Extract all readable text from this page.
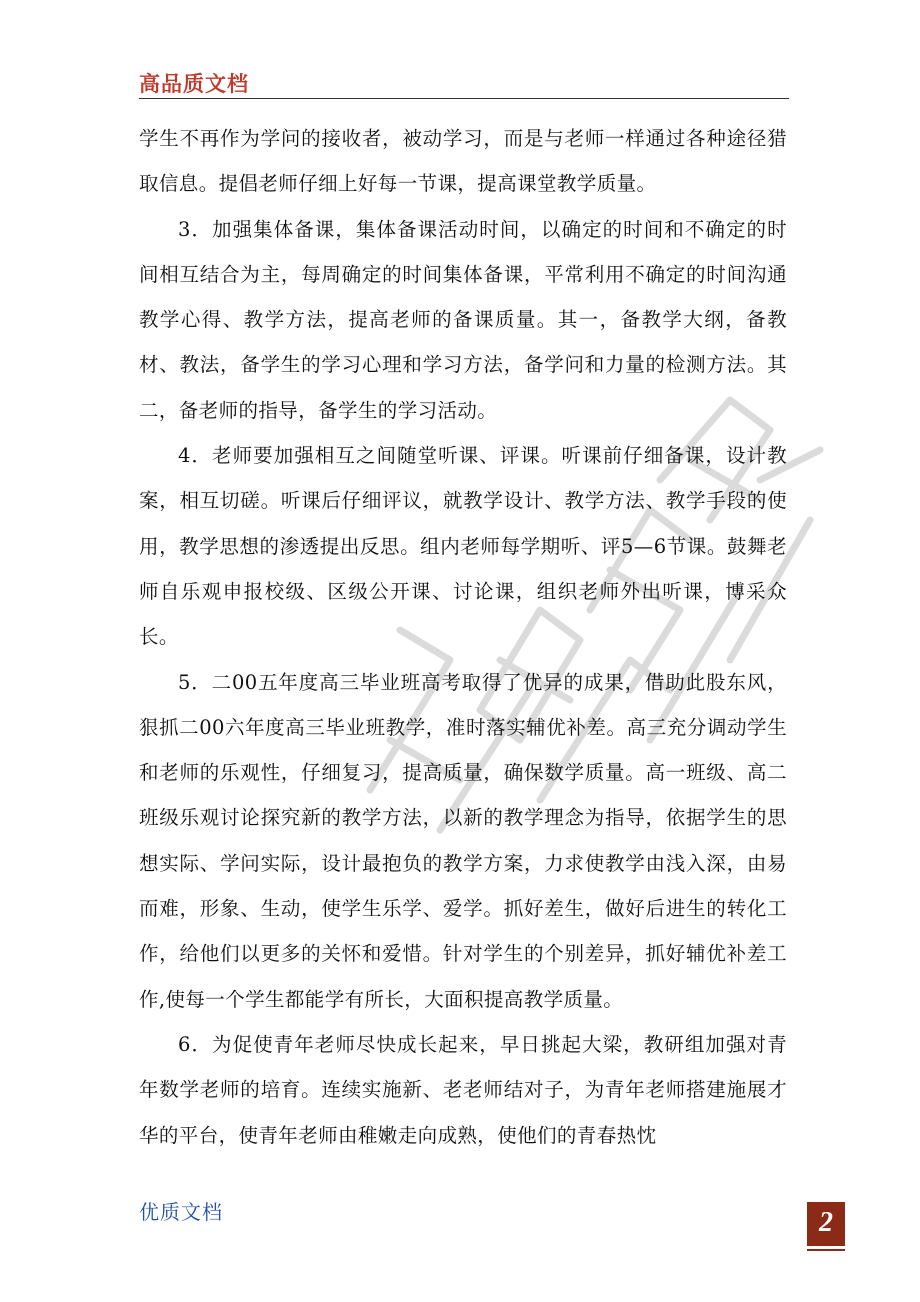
高品质文档

学生不再作为学问的接收者，被动学习，而是与老师一样通过各种途径猎取信息。提倡老师仔细上好每一节课，提高课堂教学质量。

3．加强集体备课，集体备课活动时间，以确定的时间和不确定的时间相互结合为主，每周确定的时间集体备课，平常利用不确定的时间沟通教学心得、教学方法，提高老师的备课质量。其一，备教学大纲，备教材、教法，备学生的学习心理和学习方法，备学问和力量的检测方法。其二，备老师的指导，备学生的学习活动。

4．老师要加强相互之间随堂听课、评课。听课前仔细备课，设计教案，相互切磋。听课后仔细评议，就教学设计、教学方法、教学手段的使用，教学思想的渗透提出反思。组内老师每学期听、评5—6节课。鼓舞老师自乐观申报校级、区级公开课、讨论课，组织老师外出听课，博采众长。

5．二00五年度高三毕业班高考取得了优异的成果，借助此股东风，狠抓二00六年度高三毕业班教学，准时落实辅优补差。高三充分调动学生和老师的乐观性，仔细复习，提高质量，确保数学质量。高一班级、高二班级乐观讨论探究新的教学方法，以新的教学理念为指导，依据学生的思想实际、学问实际，设计最抱负的教学方案，力求使教学由浅入深，由易而难，形象、生动，使学生乐学、爱学。抓好差生，做好后进生的转化工作，给他们以更多的关怀和爱惜。针对学生的个别差异，抓好辅优补差工作,使每一个学生都能学有所长，大面积提高教学质量。

6．为促使青年老师尽快成长起来，早日挑起大梁，教研组加强对青年数学老师的培育。连续实施新、老老师结对子，为青年老师搭建施展才华的平台，使青年老师由稚嫩走向成熟，使他们的青春热忱

优质文档	2
